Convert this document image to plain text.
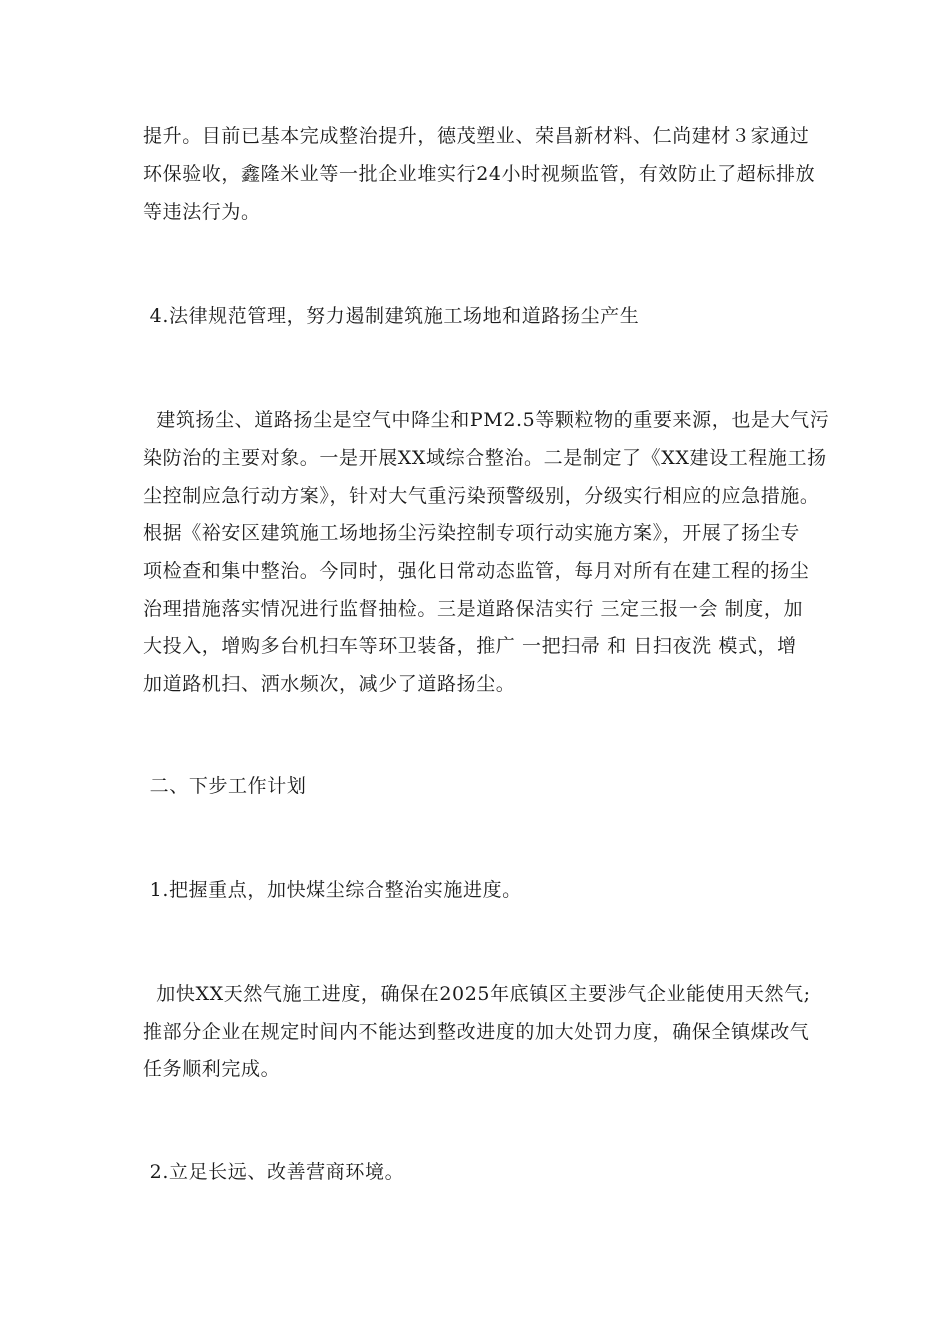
提升。目前已基本完成整治提升，德茂塑业、荣昌新材料、仁尚建材３家通过
环保验收，鑫隆米业等一批企业堆实行24小时视频监管，有效防止了超标排放
等违法行为。
4.法律规范管理，努力遏制建筑施工场地和道路扬尘产生
建筑扬尘、道路扬尘是空气中降尘和PM2.5等颗粒物的重要来源，也是大气污
染防治的主要对象。一是开展XX域综合整治。二是制定了《XX建设工程施工扬
尘控制应急行动方案》，针对大气重污染预警级别，分级实行相应的应急措施。
根据《裕安区建筑施工场地扬尘污染控制专项行动实施方案》，开展了扬尘专
项检查和集中整治。今同时，强化日常动态监管，每月对所有在建工程的扬尘
治理措施落实情况进行监督抽检。三是道路保洁实行 三定三报一会 制度，加
大投入，增购多台机扫车等环卫装备，推广 一把扫帚 和 日扫夜洗 模式，增
加道路机扫、洒水频次，减少了道路扬尘。
二、下步工作计划
1.把握重点，加快煤尘综合整治实施进度。
加快XX天然气施工进度，确保在2025年底镇区主要涉气企业能使用天然气;
推部分企业在规定时间内不能达到整改进度的加大处罚力度，确保全镇煤改气
任务顺利完成。
2.立足长远、改善营商环境。
